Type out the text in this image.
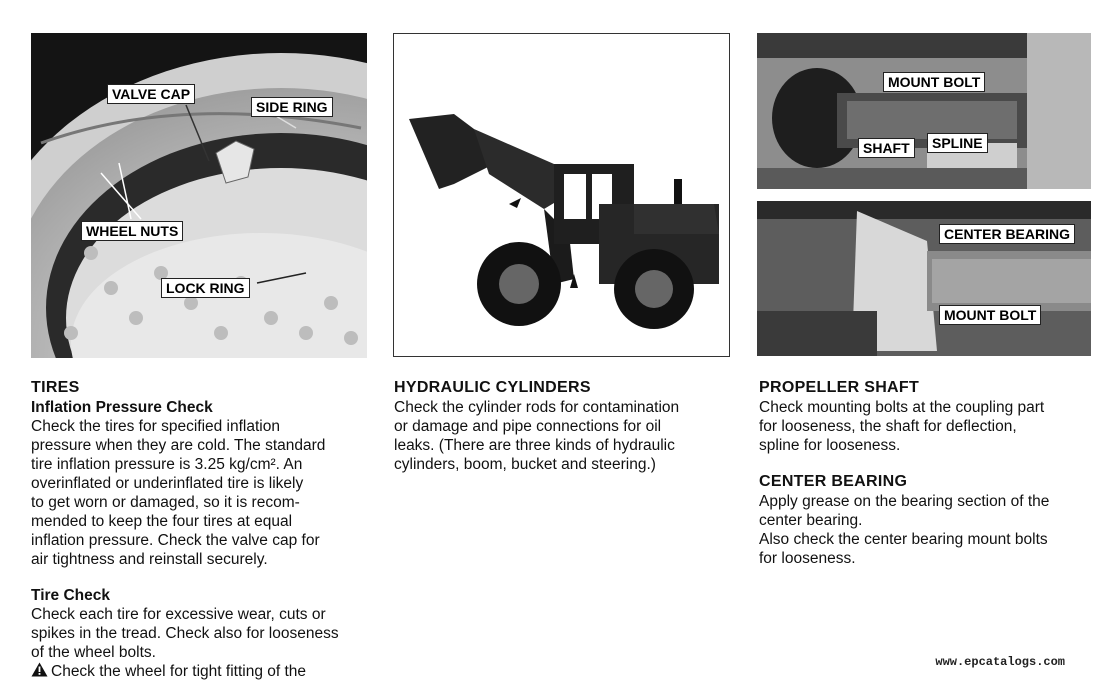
VALVE CAP
SIDE RING
WHEEL NUTS
LOCK RING
MOUNT BOLT
SHAFT	SPLINE
CENTER BEARING
MOUNT BOLT
TIRES
Inflation Pressure Check

Check the tires for specified inflation

pressure when they are cold. The standard

tire inflation pressure is 3.25 kg/cm². An

overinflated or underinflated tire is likely

to get worn or damaged, so it is recom-

mended to keep the four tires at equal

inflation pressure. Check the valve cap for

air tightness and reinstall securely.

Tire Check

Check each tire for excessive wear, cuts or

spikes in the tread. Check also for looseness

of the wheel bolts.

Check the wheel for tight fitting of the

HYDRAULIC CYLINDERS

Check the cylinder rods for contamination

or damage and pipe connections for oil

leaks. (There are three kinds of hydraulic

cylinders, boom, bucket and steering.)

PROPELLER SHAFT

Check mounting bolts at the coupling part

for looseness, the shaft for deflection,

spline for looseness.

CENTER BEARING

Apply grease on the bearing section of the

center bearing.

Also check the center bearing mount bolts

for looseness.

www.epcatalogs.com
